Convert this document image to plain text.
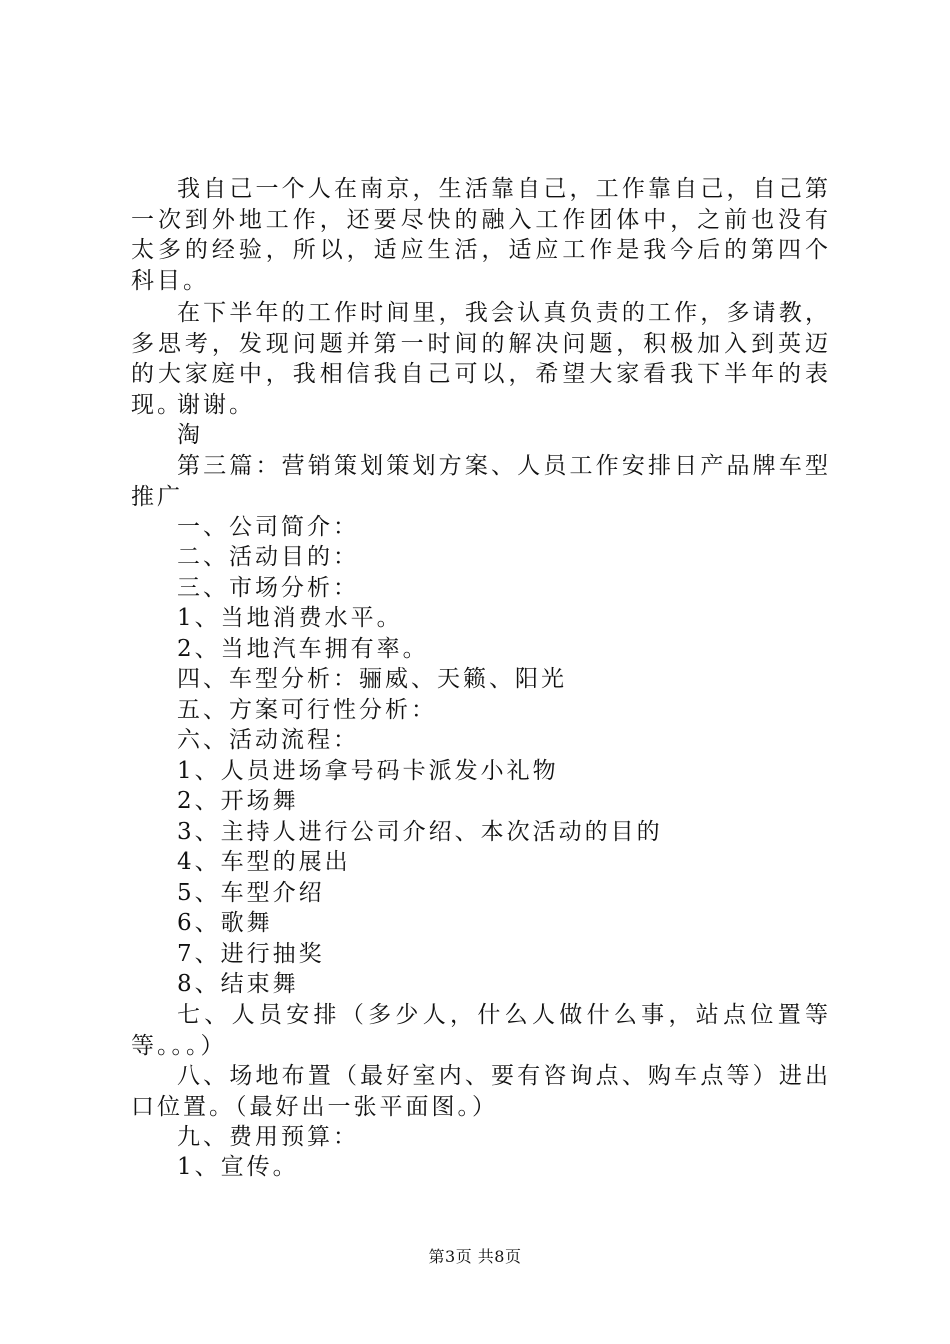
我自己一个人在南京，生活靠自己，工作靠自己，自己第一次到外地工作，还要尽快的融入工作团体中，之前也没有太多的经验，所以，适应生活，适应工作是我今后的第四个科目。

在下半年的工作时间里，我会认真负责的工作，多请教，多思考，发现问题并第一时间的解决问题，积极加入到英迈的大家庭中，我相信我自己可以，希望大家看我下半年的表现。

谢谢。

淘

第三篇：营销策划策划方案、人员工作安排日产品牌车型推广

一、公司简介：

二、活动目的：

三、市场分析：

1、当地消费水平。

2、当地汽车拥有率。

四、车型分析：骊威、天籁、阳光

五、方案可行性分析：

六、活动流程：

1、人员进场拿号码卡派发小礼物

2、开场舞

3、主持人进行公司介绍、本次活动的目的

4、车型的展出

5、车型介绍

6、歌舞

7、进行抽奖

8、结束舞

七、人员安排（多少人，什么人做什么事，站点位置等等。。。）

八、场地布置（最好室内、要有咨询点、购车点等）进出口位置。（最好出一张平面图。）

九、费用预算：

1、宣传。

第3页 共8页
